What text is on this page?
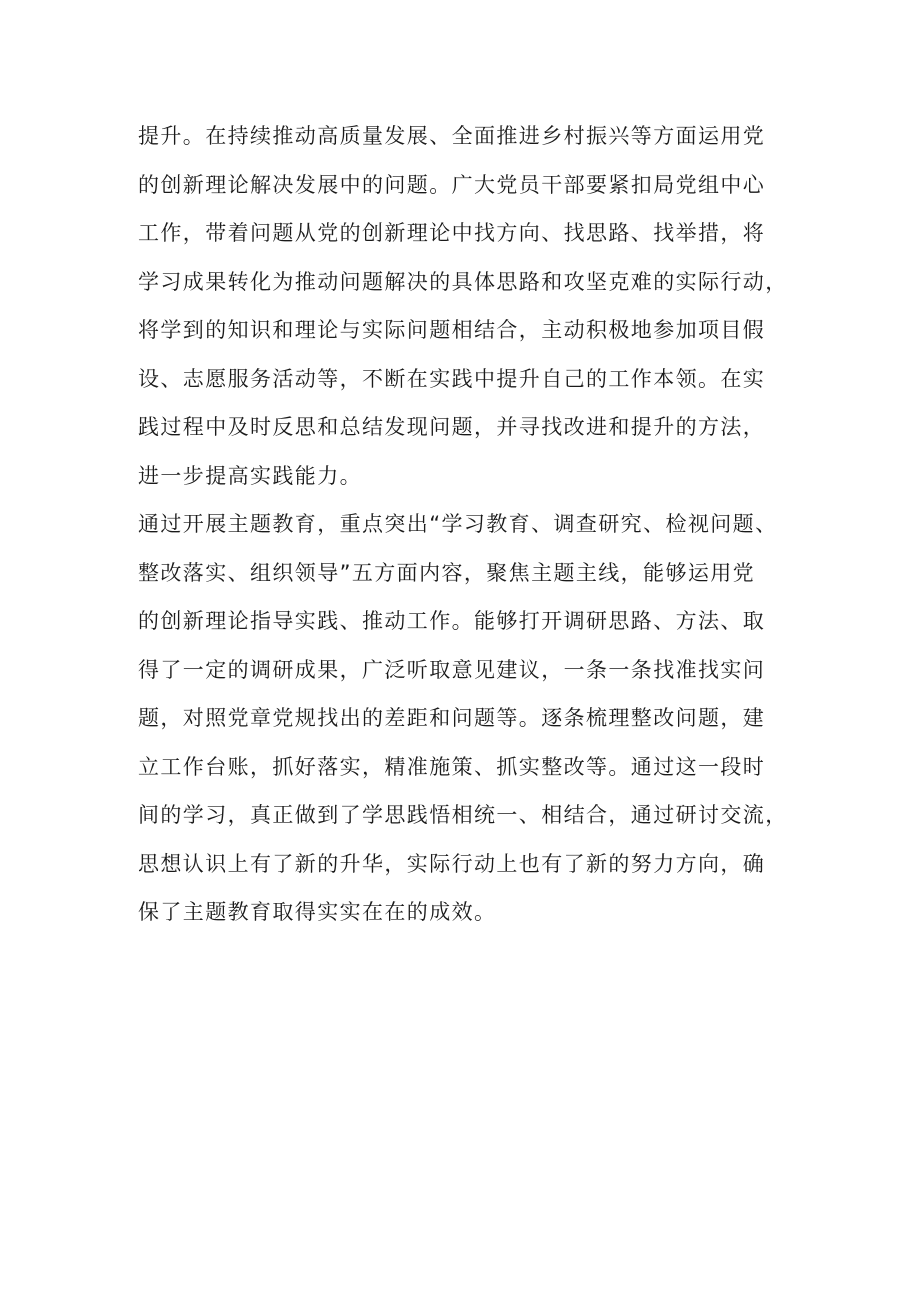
提升。在持续推动高质量发展、全面推进乡村振兴等方面运用党
的创新理论解决发展中的问题。广大党员干部要紧扣局党组中心
工作，带着问题从党的创新理论中找方向、找思路、找举措，将
学习成果转化为推动问题解决的具体思路和攻坚克难的实际行动，
将学到的知识和理论与实际问题相结合，主动积极地参加项目假
设、志愿服务活动等，不断在实践中提升自己的工作本领。在实
践过程中及时反思和总结发现问题，并寻找改进和提升的方法，
进一步提高实践能力。
通过开展主题教育，重点突出“学习教育、调查研究、检视问题、
整改落实、组织领导”五方面内容，聚焦主题主线，能够运用党
的创新理论指导实践、推动工作。能够打开调研思路、方法、取
得了一定的调研成果，广泛听取意见建议，一条一条找准找实问
题，对照党章党规找出的差距和问题等。逐条梳理整改问题，建
立工作台账，抓好落实，精准施策、抓实整改等。通过这一段时
间的学习，真正做到了学思践悟相统一、相结合，通过研讨交流，
思想认识上有了新的升华，实际行动上也有了新的努力方向，确
保了主题教育取得实实在在的成效。
